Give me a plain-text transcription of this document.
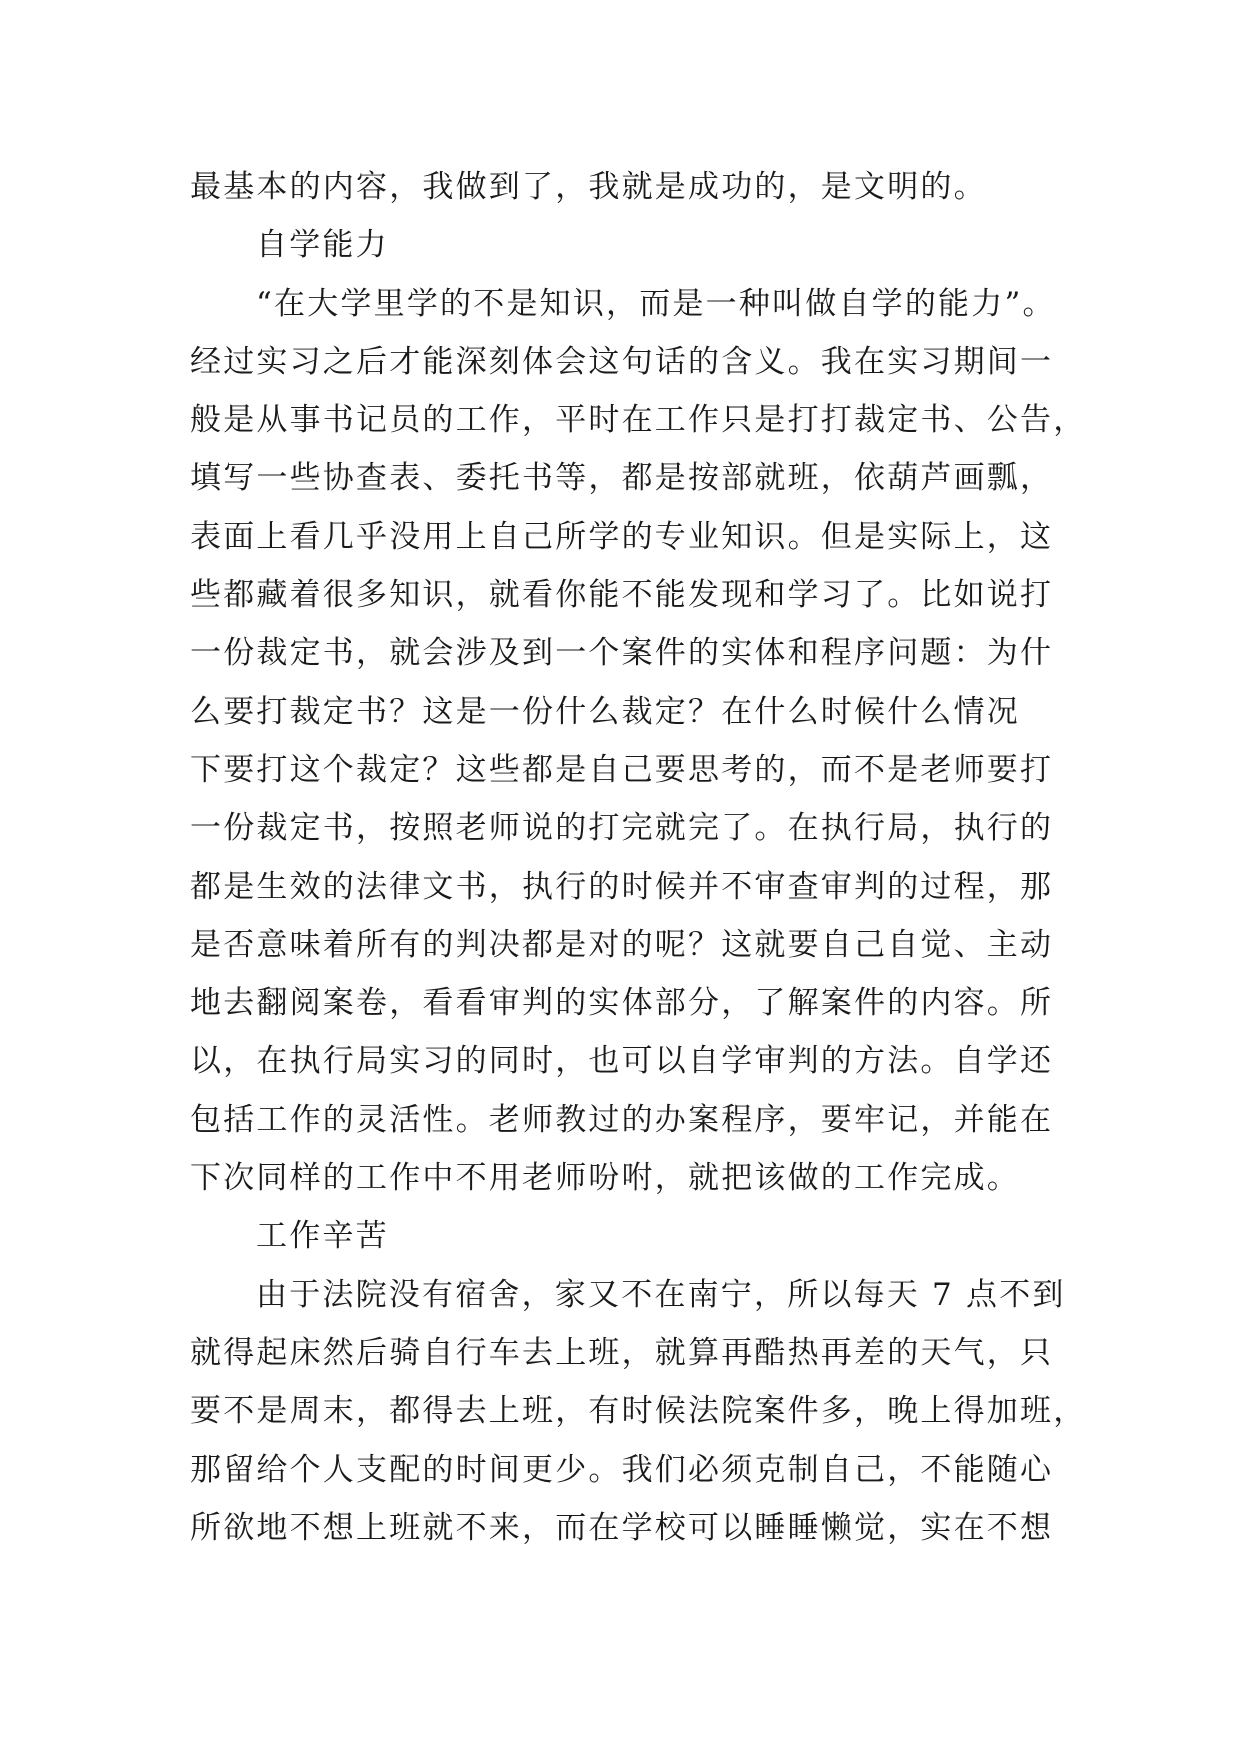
最基本的内容，我做到了，我就是成功的，是文明的。
自学能力
“在大学里学的不是知识，而是一种叫做自学的能力”。
经过实习之后才能深刻体会这句话的含义。我在实习期间一
般是从事书记员的工作，平时在工作只是打打裁定书、公告，
填写一些协查表、委托书等，都是按部就班，依葫芦画瓢，
表面上看几乎没用上自己所学的专业知识。但是实际上，这
些都藏着很多知识，就看你能不能发现和学习了。比如说打
一份裁定书，就会涉及到一个案件的实体和程序问题：为什
么要打裁定书？这是一份什么裁定？在什么时候什么情况
下要打这个裁定？这些都是自己要思考的，而不是老师要打
一份裁定书，按照老师说的打完就完了。在执行局，执行的
都是生效的法律文书，执行的时候并不审查审判的过程，那
是否意味着所有的判决都是对的呢？这就要自己自觉、主动
地去翻阅案卷，看看审判的实体部分，了解案件的内容。所
以，在执行局实习的同时，也可以自学审判的方法。自学还
包括工作的灵活性。老师教过的办案程序，要牢记，并能在
下次同样的工作中不用老师吩咐，就把该做的工作完成。
工作辛苦
由于法院没有宿舍，家又不在南宁，所以每天 7 点不到
就得起床然后骑自行车去上班，就算再酷热再差的天气，只
要不是周末，都得去上班，有时候法院案件多，晚上得加班，
那留给个人支配的时间更少。我们必须克制自己，不能随心
所欲地不想上班就不来，而在学校可以睡睡懒觉，实在不想
